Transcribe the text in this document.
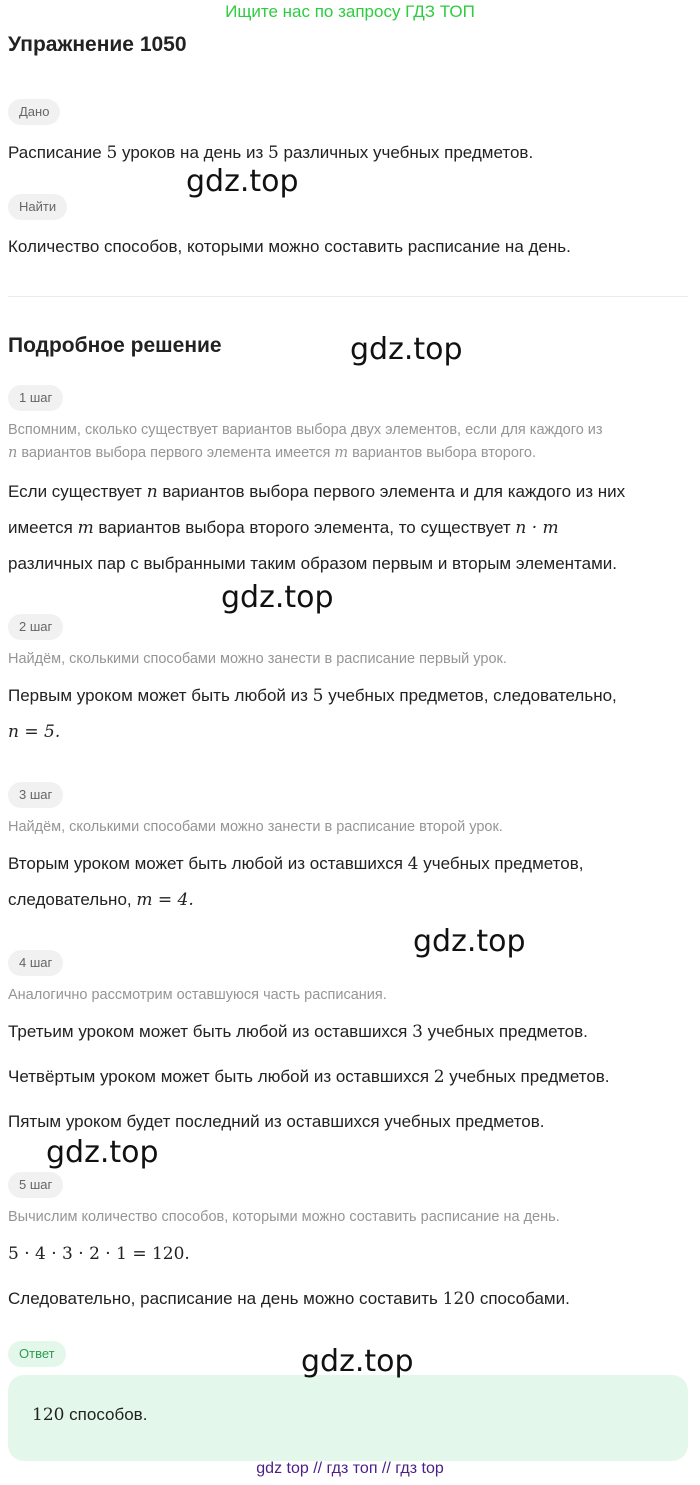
Ищите нас по запросу ГДЗ ТОП
Упражнение 1050
Дано
Расписание 5 уроков на день из 5 различных учебных предметов.
Найти
Количество способов, которыми можно составить расписание на день.
Подробное решение
1 шаг
Вспомним, сколько существует вариантов выбора двух элементов, если для каждого из
n вариантов выбора первого элемента имеется m вариантов выбора второго.
Если существует n вариантов выбора первого элемента и для каждого из них
имеется m вариантов выбора второго элемента, то существует n · m
различных пар с выбранными таким образом первым и вторым элементами.
2 шаг
Найдём, сколькими способами можно занести в расписание первый урок.
Первым уроком может быть любой из 5 учебных предметов, следовательно,
n = 5.
3 шаг
Найдём, сколькими способами можно занести в расписание второй урок.
Вторым уроком может быть любой из оставшихся 4 учебных предметов,
следовательно, m = 4.
4 шаг
Аналогично рассмотрим оставшуюся часть расписания.
Третьим уроком может быть любой из оставшихся 3 учебных предметов.
Четвёртым уроком может быть любой из оставшихся 2 учебных предметов.
Пятым уроком будет последний из оставшихся учебных предметов.
5 шаг
Вычислим количество способов, которыми можно составить расписание на день.
5 · 4 · 3 · 2 · 1 = 120.
Следовательно, расписание на день можно составить 120 способами.
Ответ
120 способов.
gdz.top
gdz.top
gdz.top
gdz.top
gdz.top
gdz.top
gdz top // гдз топ // гдз top
